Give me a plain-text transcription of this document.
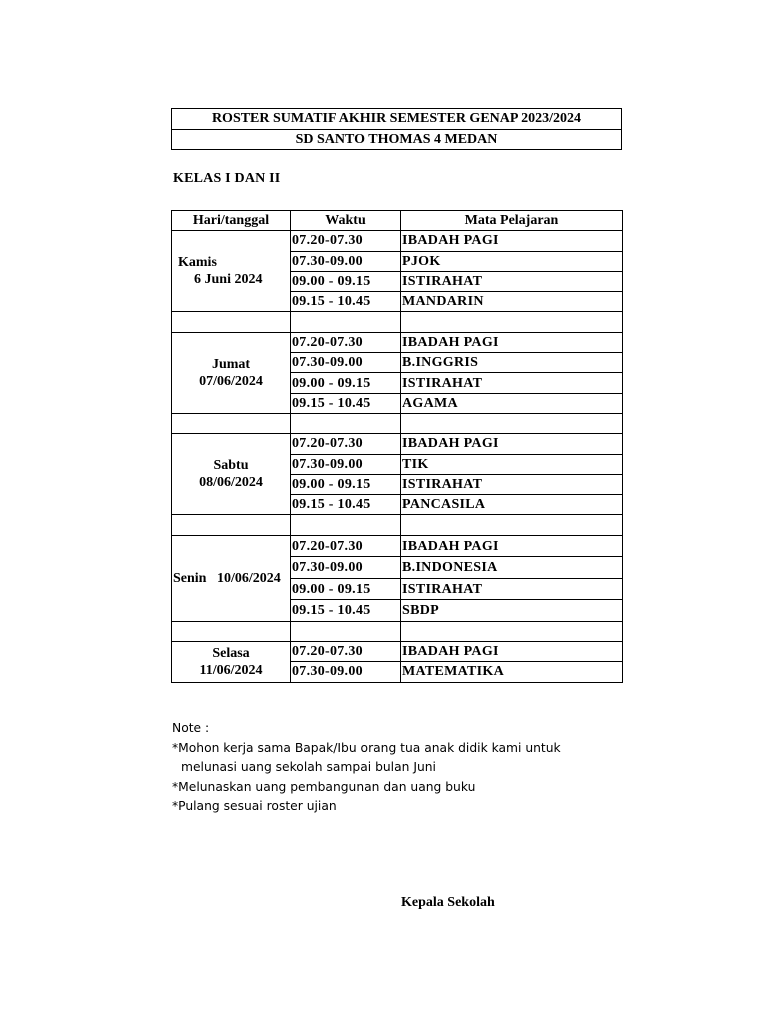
ROSTER SUMATIF AKHIR SEMESTER GENAP 2023/2024
SD SANTO THOMAS 4 MEDAN
KELAS I DAN II
Hari/tanggal	Waktu	Mata Pelajaran

Kamis
6 Juni 2024	07.20-07.30	IBADAH PAGI
	07.30-09.00	PJOK
	09.00 - 09.15	ISTIRAHAT
	09.15 - 10.45	MANDARIN

Jumat
07/06/2024	07.20-07.30	IBADAH PAGI
	07.30-09.00	B.INGGRIS
	09.00 - 09.15	ISTIRAHAT
	09.15 - 10.45	AGAMA

Sabtu
08/06/2024	07.20-07.30	IBADAH PAGI
	07.30-09.00	TIK
	09.00 - 09.15	ISTIRAHAT
	09.15 - 10.45	PANCASILA

Senin   10/06/2024	07.20-07.30	IBADAH PAGI
	07.30-09.00	B.INDONESIA
	09.00 - 09.15	ISTIRAHAT
	09.15 - 10.45	SBDP

Selasa
11/06/2024	07.20-07.30	IBADAH PAGI
	07.30-09.00	MATEMATIKA
Note :
*Mohon kerja sama Bapak/Ibu orang tua anak didik kami untuk
melunasi uang sekolah sampai bulan Juni
*Melunaskan uang pembangunan dan uang buku
*Pulang sesuai roster ujian
Kepala Sekolah
